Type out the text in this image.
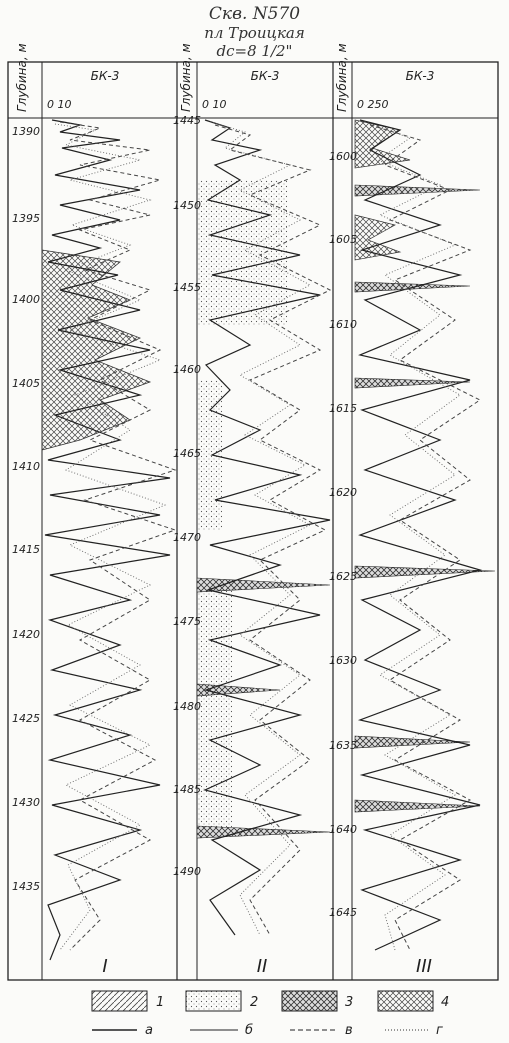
Скв. N570
пл Троицкая
dc=8 1/2"
Глубина, м	БК-3
0 10
1390
1395
1400
1405
1410
1415
1420
1425
1430
1435
I
Глубина, м	БК-3
0 10
1445
1450
1455
1460
1465
1470
1475
1480
1485
1490
II
Глубина, м	БК-3
0 250
1600
1605
1610
1615
1620
1625
1630
1635
1640
1645
III
1	2	3	4
а	б	в	г
